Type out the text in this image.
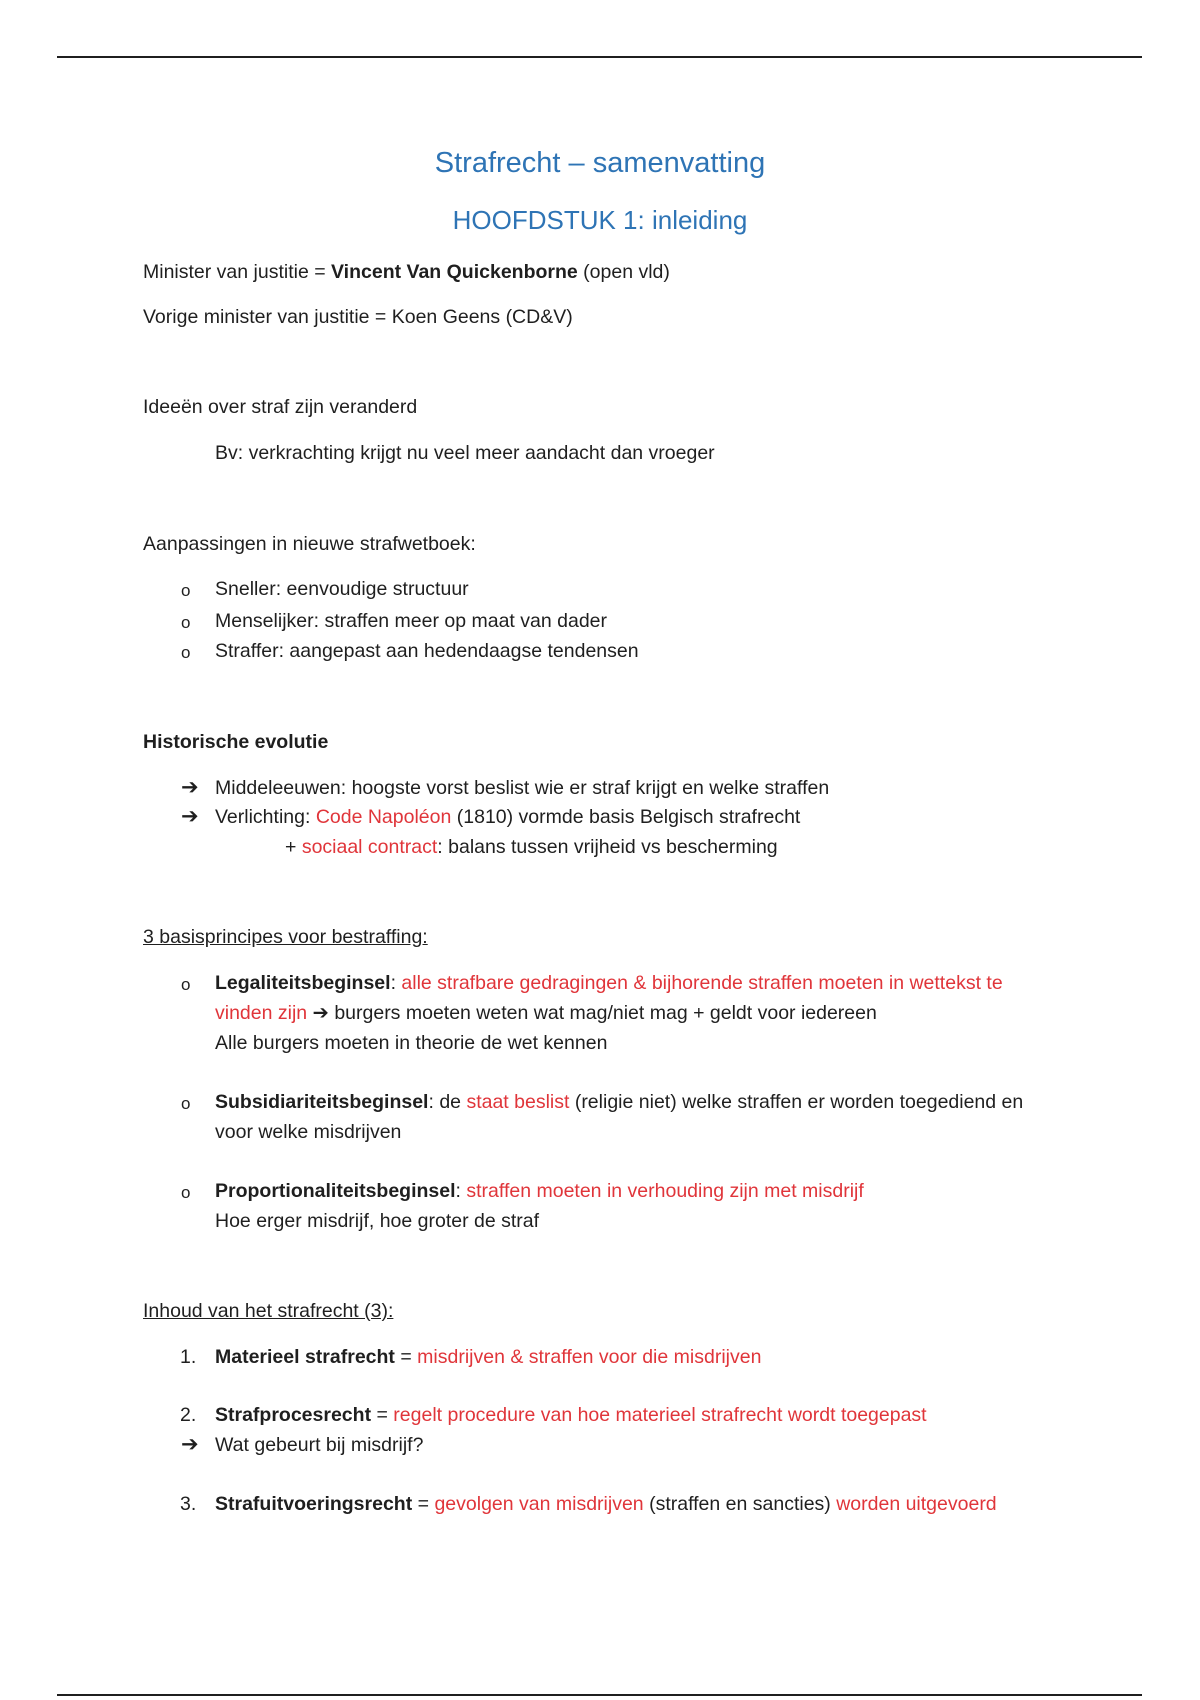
Strafrecht – samenvatting
HOOFDSTUK 1: inleiding
Minister van justitie = Vincent Van Quickenborne (open vld)
Vorige minister van justitie = Koen Geens (CD&V)
Ideeën over straf zijn veranderd
Bv: verkrachting krijgt nu veel meer aandacht dan vroeger
Aanpassingen in nieuwe strafwetboek:
o Sneller: eenvoudige structuur
o Menselijker: straffen meer op maat van dader
o Straffer: aangepast aan hedendaagse tendensen
Historische evolutie
➔ Middeleeuwen: hoogste vorst beslist wie er straf krijgt en welke straffen
➔ Verlichting: Code Napoléon (1810) vormde basis Belgisch strafrecht
+ sociaal contract: balans tussen vrijheid vs bescherming
3 basisprincipes voor bestraffing:
o Legaliteitsbeginsel: alle strafbare gedragingen & bijhorende straffen moeten in wettekst te
vinden zijn ➔ burgers moeten weten wat mag/niet mag + geldt voor iedereen
Alle burgers moeten in theorie de wet kennen
o Subsidiariteitsbeginsel: de staat beslist (religie niet) welke straffen er worden toegediend en
voor welke misdrijven
o Proportionaliteitsbeginsel: straffen moeten in verhouding zijn met misdrijf
Hoe erger misdrijf, hoe groter de straf
Inhoud van het strafrecht (3):
1. Materieel strafrecht = misdrijven & straffen voor die misdrijven
2. Strafprocesrecht = regelt procedure van hoe materieel strafrecht wordt toegepast
➔ Wat gebeurt bij misdrijf?
3. Strafuitvoeringsrecht = gevolgen van misdrijven (straffen en sancties) worden uitgevoerd
